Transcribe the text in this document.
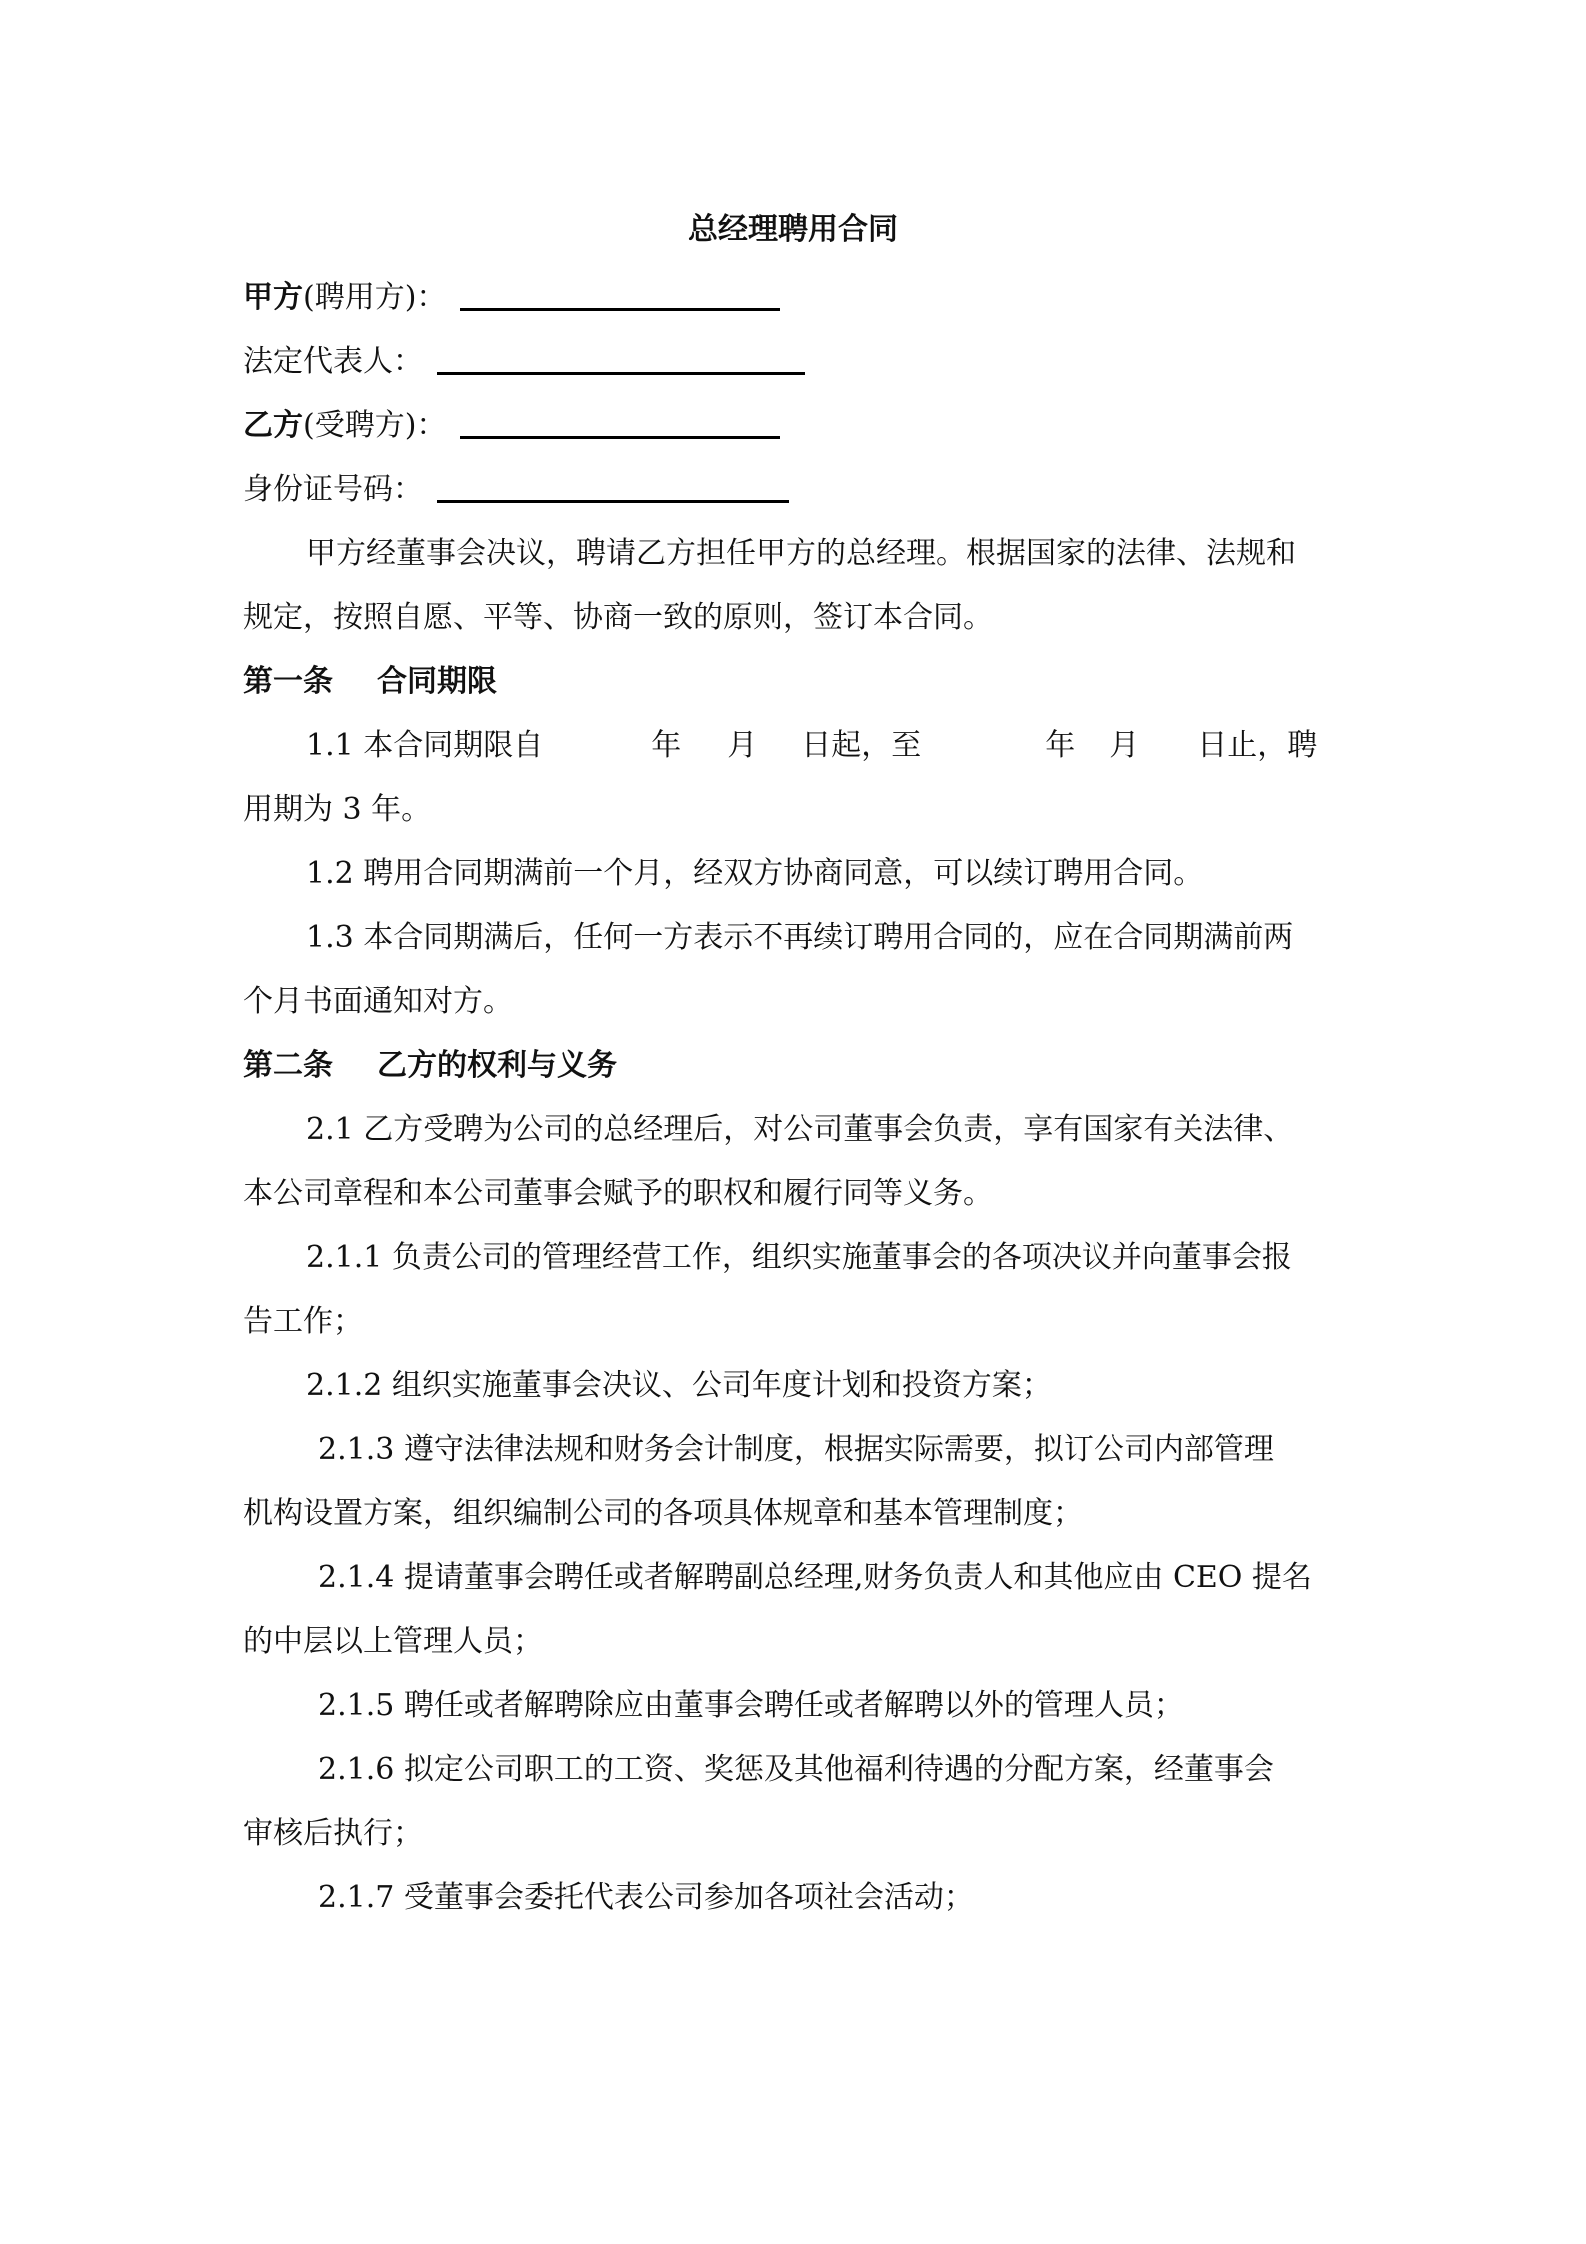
总经理聘用合同
甲方(聘用方)：
法定代表人：
乙方(受聘方)：
身份证号码：
甲方经董事会决议，聘请乙方担任甲方的总经理。根据国家的法律、法规和
规定，按照自愿、平等、协商一致的原则，签订本合同。
第一条 合同期限
1.1 本合同期限自	年 月 日起，至	年 月 日止，聘
用期为 3 年。
1.2 聘用合同期满前一个月，经双方协商同意，可以续订聘用合同。
1.3 本合同期满后，任何一方表示不再续订聘用合同的，应在合同期满前两
个月书面通知对方。
第二条 乙方的权利与义务
2.1 乙方受聘为公司的总经理后，对公司董事会负责，享有国家有关法律、
本公司章程和本公司董事会赋予的职权和履行同等义务。
2.1.1 负责公司的管理经营工作，组织实施董事会的各项决议并向董事会报
告工作；
2.1.2 组织实施董事会决议、公司年度计划和投资方案；
2.1.3 遵守法律法规和财务会计制度，根据实际需要，拟订公司内部管理
机构设置方案，组织编制公司的各项具体规章和基本管理制度；
2.1.4 提请董事会聘任或者解聘副总经理,财务负责人和其他应由 CEO 提名
的中层以上管理人员；
2.1.5 聘任或者解聘除应由董事会聘任或者解聘以外的管理人员；
2.1.6 拟定公司职工的工资、奖惩及其他福利待遇的分配方案，经董事会
审核后执行；
2.1.7 受董事会委托代表公司参加各项社会活动；
